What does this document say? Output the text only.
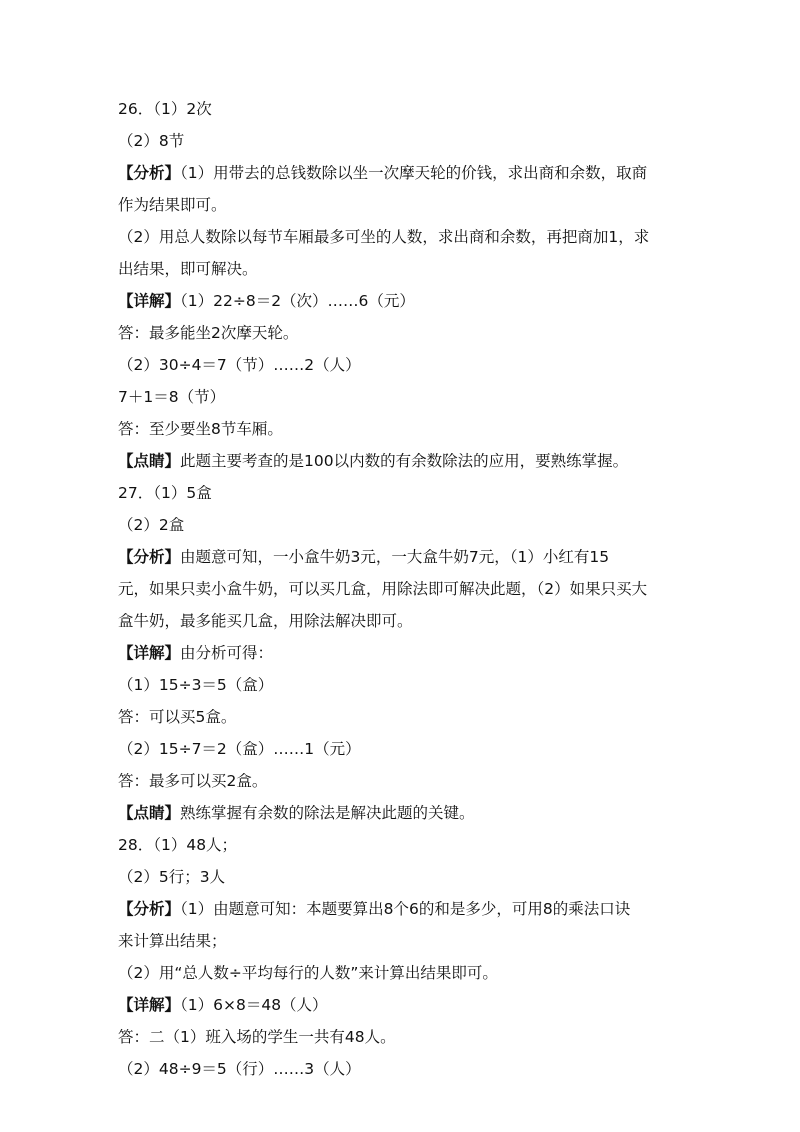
26．（1）2次
（2）8节
【分析】（1）用带去的总钱数除以坐一次摩天轮的价钱，求出商和余数，取商
作为结果即可。
（2）用总人数除以每节车厢最多可坐的人数，求出商和余数，再把商加1，求
出结果，即可解决。
【详解】（1）22÷8＝2（次）……6（元）
答：最多能坐2次摩天轮。
（2）30÷4＝7（节）……2（人）
7＋1＝8（节）
答：至少要坐8节车厢。
【点睛】此题主要考查的是100以内数的有余数除法的应用，要熟练掌握。
27．（1）5盒
（2）2盒
【分析】由题意可知，一小盒牛奶3元，一大盒牛奶7元，（1）小红有15
元，如果只卖小盒牛奶，可以买几盒，用除法即可解决此题，（2）如果只买大
盒牛奶，最多能买几盒，用除法解决即可。
【详解】由分析可得：
（1）15÷3＝5（盒）
答：可以买5盒。
（2）15÷7＝2（盒）……1（元）
答：最多可以买2盒。
【点睛】熟练掌握有余数的除法是解决此题的关键。
28．（1）48人；
（2）5行；3人
【分析】（1）由题意可知：本题要算出8个6的和是多少，可用8的乘法口诀
来计算出结果；
（2）用“总人数÷平均每行的人数”来计算出结果即可。
【详解】（1）6×8＝48（人）
答：二（1）班入场的学生一共有48人。
（2）48÷9＝5（行）……3（人）
